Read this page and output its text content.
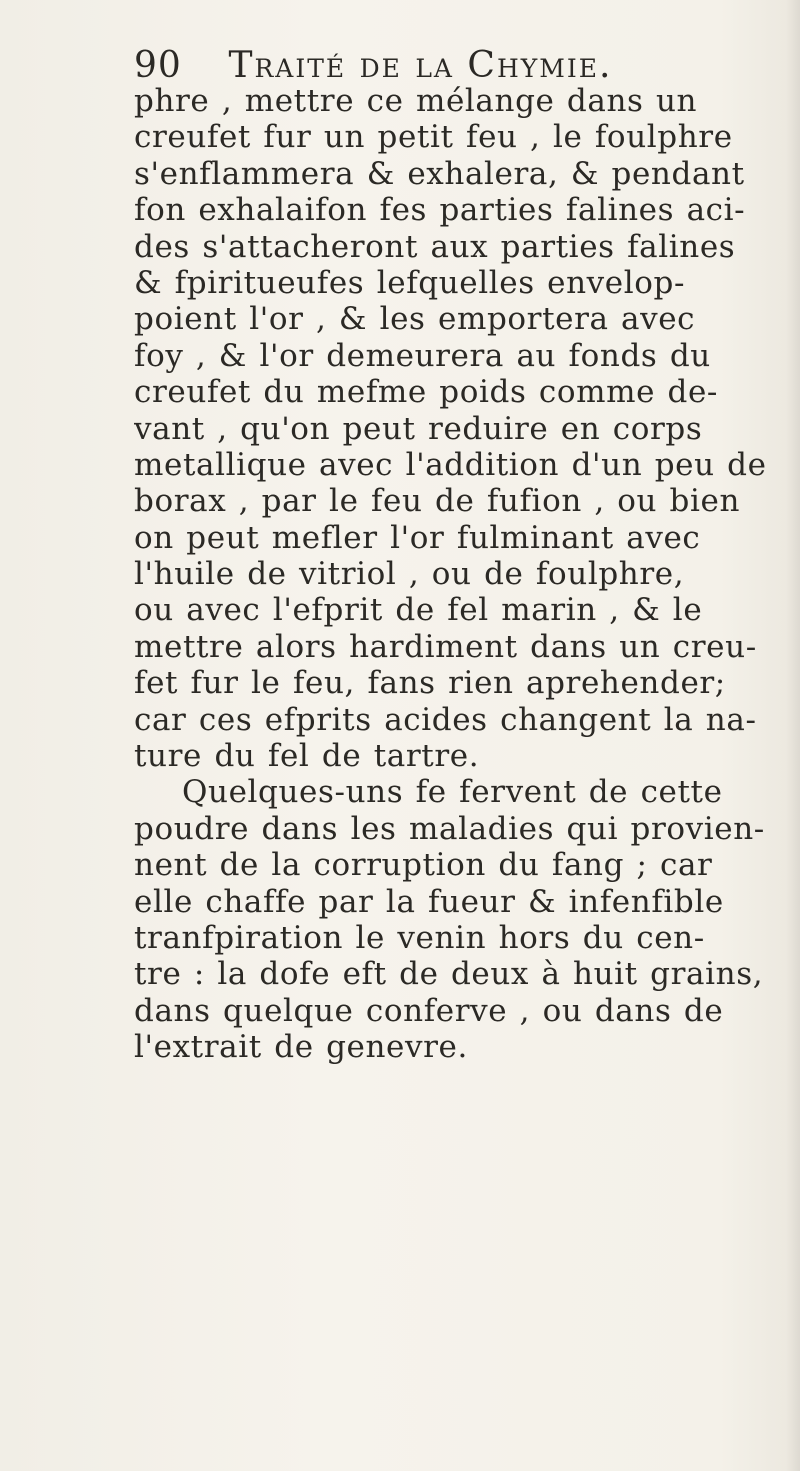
90 Traité de la Chymie.
phre , mettre ce mélange dans un
creufet fur un petit feu , le foulphre
s'enflammera & exhalera, & pendant
fon exhalaifon fes parties falines aci-
des s'attacheront aux parties falines
& fpiritueufes lefquelles envelop-
poient l'or , & les emportera avec
foy , & l'or demeurera au fonds du
creufet du mefme poids comme de-
vant , qu'on peut reduire en corps
metallique avec l'addition d'un peu de
borax , par le feu de fufion , ou bien
on peut mefler l'or fulminant avec
l'huile de vitriol , ou de foulphre,
ou avec l'efprit de fel marin , & le
mettre alors hardiment dans un creu-
fet fur le feu, fans rien aprehender;
car ces efprits acides changent la na-
ture du fel de tartre.
Quelques-uns fe fervent de cette
poudre dans les maladies qui provien-
nent de la corruption du fang ; car
elle chaffe par la fueur & infenfible
tranfpiration le venin hors du cen-
tre : la dofe eft de deux à huit grains,
dans quelque conferve , ou dans de
l'extrait de genevre.
